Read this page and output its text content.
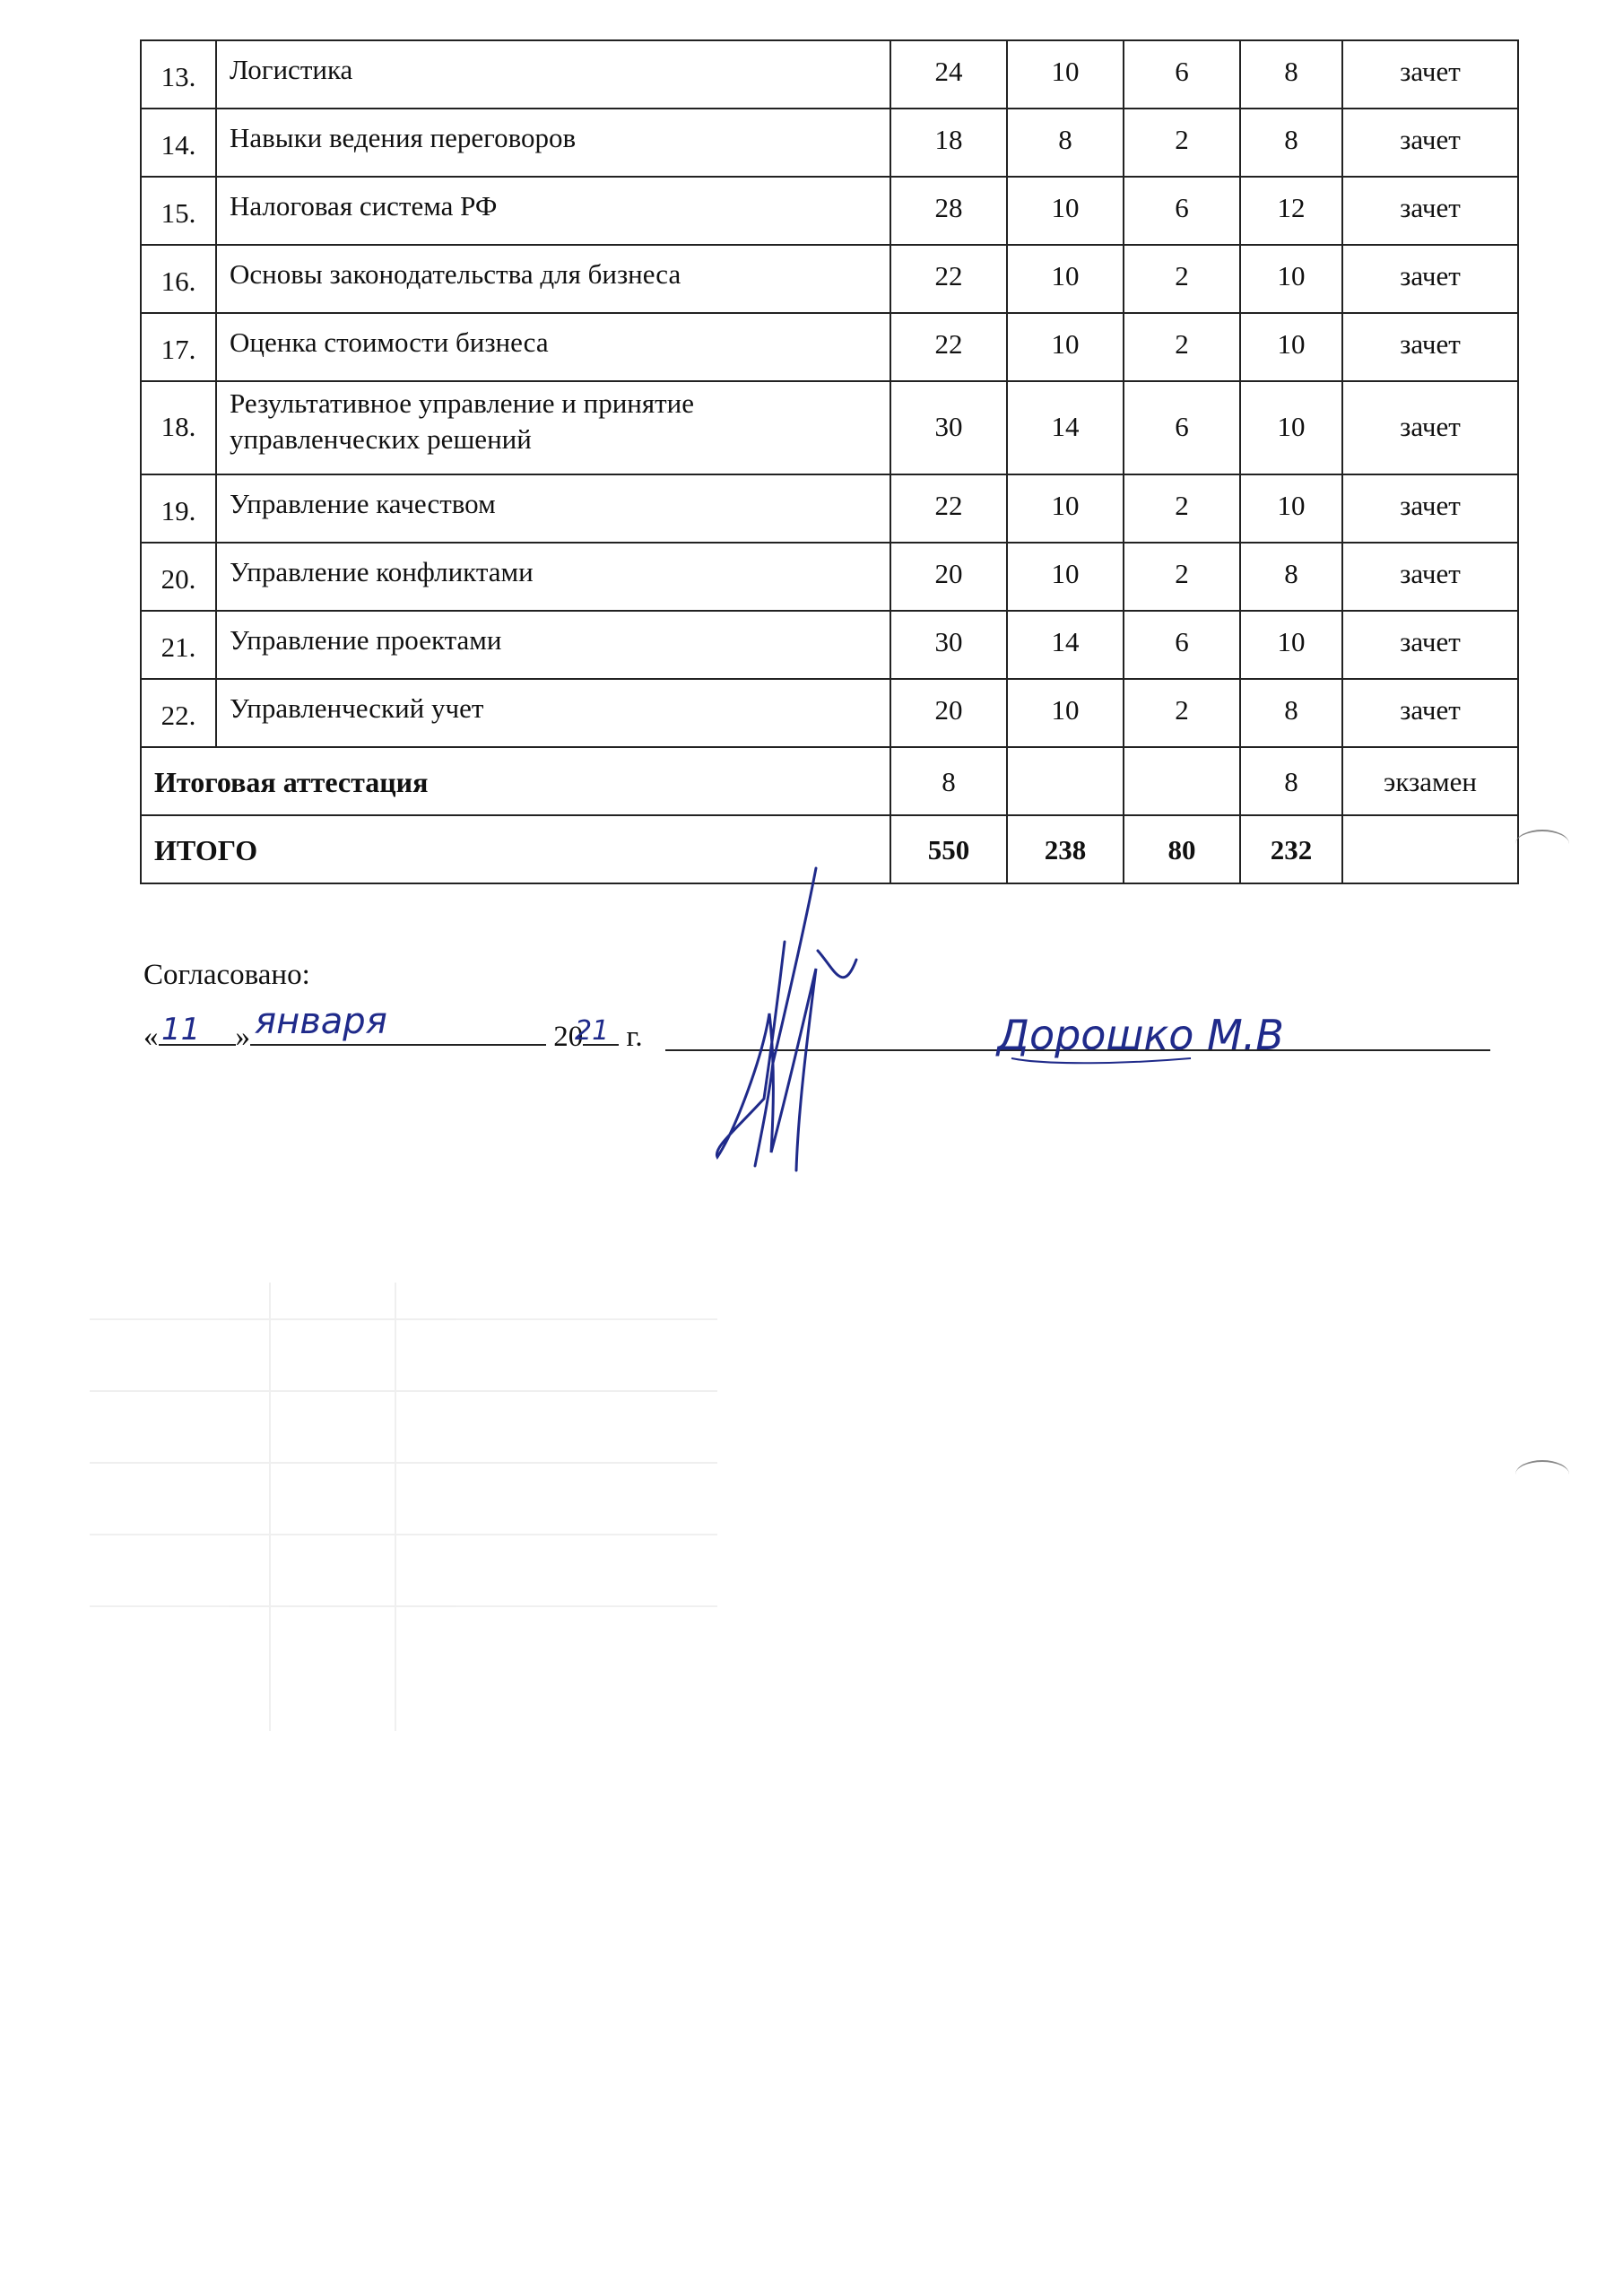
13.	Логистика	24	10	6	8	зачет
14.	Навыки ведения переговоров	18	8	2	8	зачет
15.	Налоговая система РФ	28	10	6	12	зачет
16.	Основы законодательства для бизнеса	22	10	2	10	зачет
17.	Оценка стоимости бизнеса	22	10	2	10	зачет
18.	Результативное управление и принятие управленческих решений	30	14	6	10	зачет
19.	Управление качеством	22	10	2	10	зачет
20.	Управление конфликтами	20	10	2	8	зачет
21.	Управление проектами	30	14	6	10	зачет
22.	Управленческий учет	20	10	2	8	зачет
Итоговая аттестация		8			8	экзамен
ИТОГО		550	238	80	232	
Согласовано:
«	»	20 г.
11 января	21	Дорошко М.В
